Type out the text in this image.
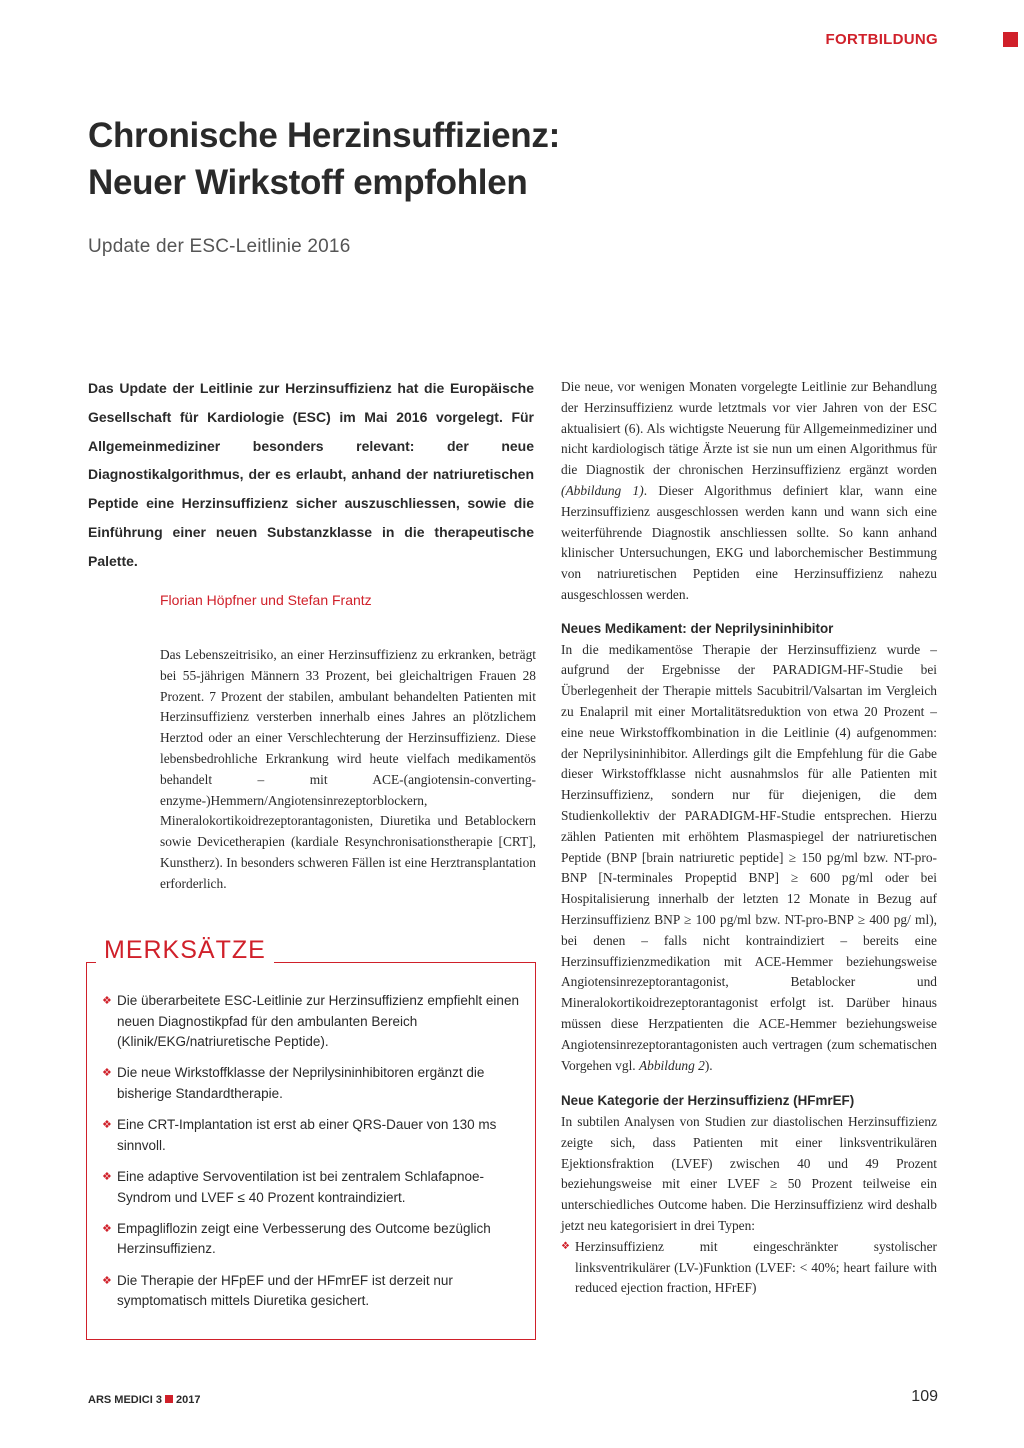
FORTBILDUNG
Chronische Herzinsuffizienz:
Neuer Wirkstoff empfohlen
Update der ESC-Leitlinie 2016

Das Update der Leitlinie zur Herzinsuffizienz hat die Europäische Gesellschaft für Kardiologie (ESC) im Mai 2016 vorgelegt. Für Allgemeinmediziner besonders relevant: der neue Diagnostikalgorithmus, der es erlaubt, anhand der natriuretischen Peptide eine Herzinsuffizienz sicher auszuschliessen, sowie die Einführung einer neuen Substanzklasse in die therapeutische Palette.

Florian Höpfner und Stefan Frantz

Das Lebenszeitrisiko, an einer Herzinsuffizienz zu erkranken, beträgt bei 55-jährigen Männern 33 Prozent, bei gleichaltrigen Frauen 28 Prozent. 7 Prozent der stabilen, ambulant behandelten Patienten mit Herzinsuffizienz versterben innerhalb eines Jahres an plötzlichem Herztod oder an einer Verschlechterung der Herzinsuffizienz. Diese lebensbedrohliche Erkrankung wird heute vielfach medikamentös behandelt – mit ACE-(angiotensin-converting-enzyme-)Hemmern/Angiotensinrezeptorblockern, Mineralokortikoidrezeptorantagonisten, Diuretika und Betablockern sowie Devicetherapien (kardiale Resynchronisationstherapie [CRT], Kunstherz). In besonders schweren Fällen ist eine Herztransplantation erforderlich.

MERKSÄTZE
❖ Die überarbeitete ESC-Leitlinie zur Herzinsuffizienz empfiehlt einen neuen Diagnostikpfad für den ambulanten Bereich (Klinik/EKG/natriuretische Peptide).
❖ Die neue Wirkstoffklasse der Neprilysininhibitoren ergänzt die bisherige Standardtherapie.
❖ Eine CRT-Implantation ist erst ab einer QRS-Dauer von 130 ms sinnvoll.
❖ Eine adaptive Servoventilation ist bei zentralem Schlafapnoe-Syndrom und LVEF ≤ 40 Prozent kontraindiziert.
❖ Empagliflozin zeigt eine Verbesserung des Outcome bezüglich Herzinsuffizienz.
❖ Die Therapie der HFpEF und der HFmrEF ist derzeit nur symptomatisch mittels Diuretika gesichert.

Die neue, vor wenigen Monaten vorgelegte Leitlinie zur Behandlung der Herzinsuffizienz wurde letztmals vor vier Jahren von der ESC aktualisiert (6). Als wichtigste Neuerung für Allgemeinmediziner und nicht kardiologisch tätige Ärzte ist sie nun um einen Algorithmus für die Diagnostik der chronischen Herzinsuffizienz ergänzt worden (Abbildung 1). Dieser Algorithmus definiert klar, wann eine Herzinsuffizienz ausgeschlossen werden kann und wann sich eine weiterführende Diagnostik anschliessen sollte. So kann anhand klinischer Untersuchungen, EKG und laborchemischer Bestimmung von natriuretischen Peptiden eine Herzinsuffizienz nahezu ausgeschlossen werden.

Neues Medikament: der Neprilysininhibitor

In die medikamentöse Therapie der Herzinsuffizienz wurde – aufgrund der Ergebnisse der PARADIGM-HF-Studie bei Überlegenheit der Therapie mittels Sacubitril/Valsartan im Vergleich zu Enalapril mit einer Mortalitätsreduktion von etwa 20 Prozent – eine neue Wirkstoffkombination in die Leitlinie (4) aufgenommen: der Neprilysininhibitor. Allerdings gilt die Empfehlung für die Gabe dieser Wirkstoffklasse nicht ausnahmslos für alle Patienten mit Herzinsuffizienz, sondern nur für diejenigen, die dem Studienkollektiv der PARADIGM-HF-Studie entsprechen. Hierzu zählen Patienten mit erhöhtem Plasmaspiegel der natriuretischen Peptide (BNP [brain natriuretic peptide] ≥ 150 pg/ml bzw. NT-pro-BNP [N-terminales Propeptid BNP] ≥ 600 pg/ml oder bei Hospitalisierung innerhalb der letzten 12 Monate in Bezug auf Herzinsuffizienz BNP ≥ 100 pg/ml bzw. NT-pro-BNP ≥ 400 pg/ ml), bei denen – falls nicht kontraindiziert – bereits eine Herzinsuffizienzmedikation mit ACE-Hemmer beziehungsweise Angiotensinrezeptorantagonist, Betablocker und Mineralokortikoidrezeptorantagonist erfolgt ist. Darüber hinaus müssen diese Herzpatienten die ACE-Hemmer beziehungsweise Angiotensinrezeptorantagonisten auch vertragen (zum schematischen Vorgehen vgl. Abbildung 2).

Neue Kategorie der Herzinsuffizienz (HFmrEF)

In subtilen Analysen von Studien zur diastolischen Herzinsuffizienz zeigte sich, dass Patienten mit einer linksventrikulären Ejektionsfraktion (LVEF) zwischen 40 und 49 Prozent beziehungsweise mit einer LVEF ≥ 50 Prozent teilweise ein unterschiedliches Outcome haben. Die Herzinsuffizienz wird deshalb jetzt neu kategorisiert in drei Typen:

❖ Herzinsuffizienz mit eingeschränkter systolischer linksventrikulärer (LV-)Funktion (LVEF: < 40%; heart failure with reduced ejection fraction, HFrEF)
ARS MEDICI 3 2017	109
